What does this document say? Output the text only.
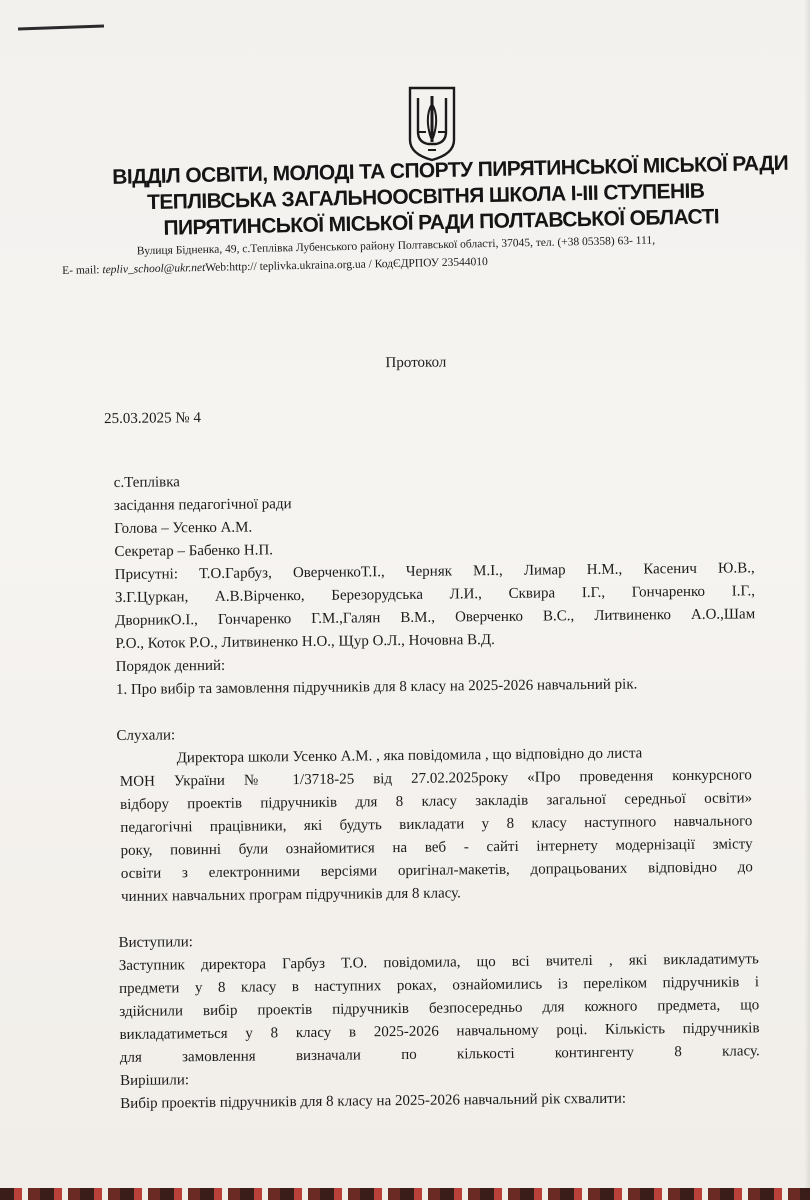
ВІДДІЛ ОСВІТИ, МОЛОДІ ТА СПОРТУ ПИРЯТИНСЬКОЇ МІСЬКОЇ РАДИ
ТЕПЛІВСЬКА ЗАГАЛЬНООСВІТНЯ ШКОЛА І-ІІІ СТУПЕНІВ
ПИРЯТИНСЬКОЇ МІСЬКОЇ РАДИ ПОЛТАВСЬКОЇ ОБЛАСТІ
Вулиця Бідненка, 49, с.Теплівка Лубенського району Полтавської області, 37045, тел. (+38 05358) 63- 111,
E- mail: tepliv_school@ukr.netWeb:http:// teplivka.ukraina.org.ua / КодЄДРПОУ 23544010
Протокол
25.03.2025 № 4
с.Теплівка
засідання педагогічної ради
Голова – Усенко А.М.
Секретар – Бабенко Н.П.
Присутні: Т.О.Гарбуз, ОверченкоТ.І., Черняк М.І., Лимар Н.М., Касенич Ю.В.,
З.Г.Цуркан, А.В.Вірченко, Березорудська Л.И., Сквира І.Г., Гончаренко І.Г.,
ДворникО.І., Гончаренко Г.М.,Галян В.М., Оверченко В.С., Литвиненко А.О.,Шам
Р.О., Коток Р.О., Литвиненко Н.О., Щур О.Л., Ночовна В.Д.
Порядок денний:
1. Про вибір та замовлення підручників для 8 класу на 2025-2026 навчальний рік.
Слухали:
Директора школи Усенко А.М. , яка повідомила , що відповідно до листа
МОН України № 1/3718-25 від 27.02.2025року «Про проведення конкурсного
відбору проектів підручників для 8 класу закладів загальної середньої освіти»
педагогічні працівники, які будуть викладати у 8 класу наступного навчального
року, повинні були ознайомитися на веб - сайті інтернету модернізації змісту
освіти з електронними версіями оригінал-макетів, допрацьованих відповідно до
чинних навчальних програм підручників для 8 класу.
Виступили:
Заступник директора Гарбуз Т.О. повідомила, що всі вчителі , які викладатимуть
предмети у 8 класу в наступних роках, ознайомились із переліком підручників і
здійснили вибір проектів підручників безпосередньо для кожного предмета, що
викладатиметься у 8 класу в 2025-2026 навчальному році. Кількість підручників
для замовлення визначали по кількості контингенту 8 класу.
Вирішили:
Вибір проектів підручників для 8 класу на 2025-2026 навчальний рік схвалити:
